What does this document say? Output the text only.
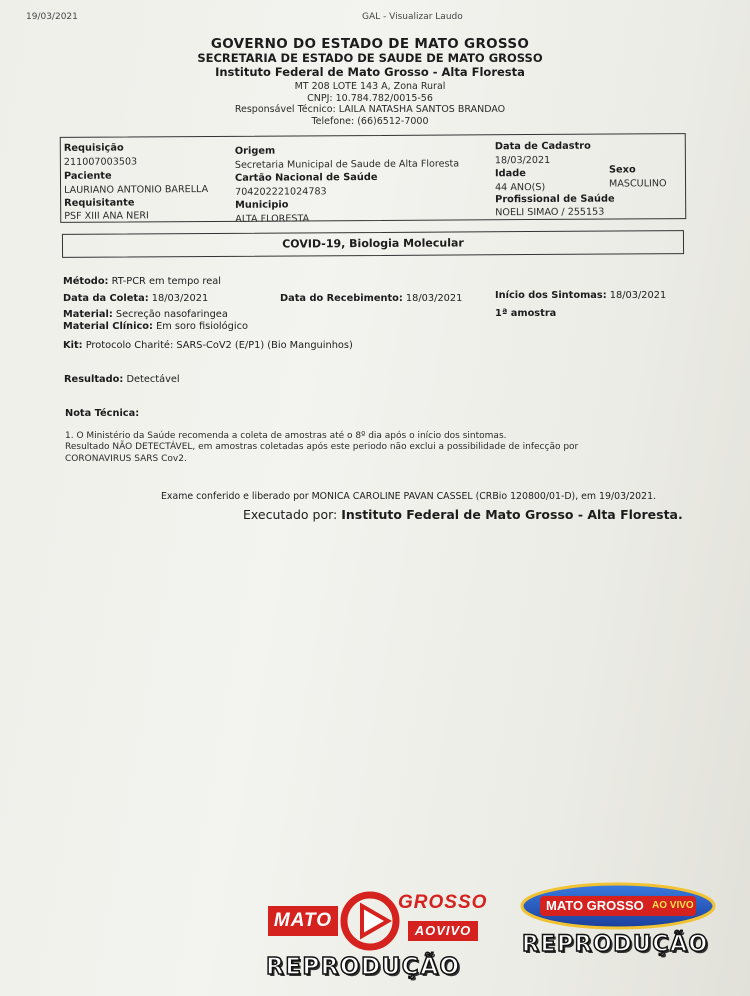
19/03/2021	GAL - Visualizar Laudo
GOVERNO DO ESTADO DE MATO GROSSO
SECRETARIA DE ESTADO DE SAUDE DE MATO GROSSO
Instituto Federal de Mato Grosso - Alta Floresta
MT 208 LOTE 143 A, Zona Rural
CNPJ: 10.784.782/0015-56
Responsável Técnico: LAILA NATASHA SANTOS BRANDAO
Telefone: (66)6512-7000
Requisição
211007003503
Paciente
LAURIANO ANTONIO BARELLA
Requisitante
PSF XIII ANA NERI
Origem
Secretaria Municipal de Saude de Alta Floresta
Cartão Nacional de Saúde
704202221024783
Municipio
ALTA FLORESTA
Data de Cadastro
18/03/2021
Idade
44 ANO(S)
Sexo
MASCULINO
Profissional de Saúde
NOELI SIMAO / 255153
COVID-19, Biologia Molecular
Método: RT-PCR em tempo real
Data da Coleta: 18/03/2021	Data do Recebimento: 18/03/2021	Início dos Sintomas: 18/03/2021
Material: Secreção nasofaringea	1ª amostra
Material Clínico: Em soro fisiológico
Kit: Protocolo Charité: SARS-CoV2 (E/P1) (Bio Manguinhos)
Resultado: Detectável
Nota Técnica:
1. O Ministério da Saúde recomenda a coleta de amostras até o 8º dia após o início dos sintomas.
Resultado NÃO DETECTÁVEL, em amostras coletadas após este periodo não exclui a possibilidade de infecção por
CORONAVIRUS SARS Cov2.
Exame conferido e liberado por MONICA CAROLINE PAVAN CASSEL (CRBio 120800/01-D), em 19/03/2021.
Executado por: Instituto Federal de Mato Grosso - Alta Floresta.
MATO
GROSSO
AOVIVO
REPRODUÇÃO
MATO GROSSO AO VIVO
REPRODUÇÃO
